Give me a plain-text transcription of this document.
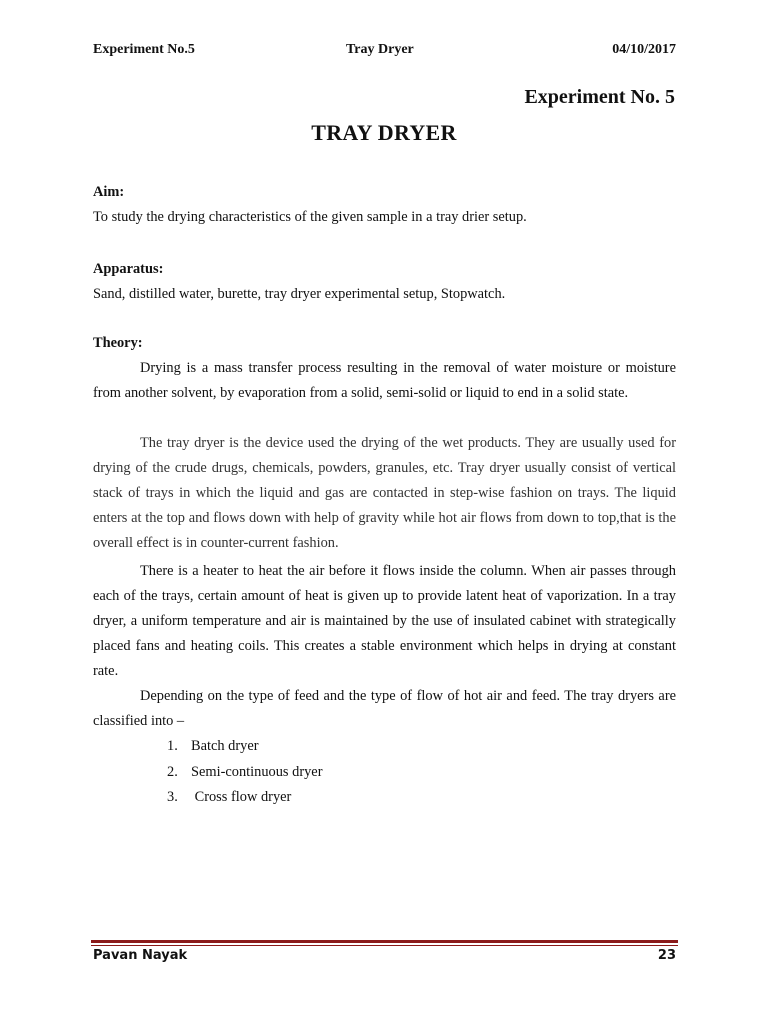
Experiment No.5	Tray Dryer	04/10/2017
Experiment No. 5
TRAY DRYER
Aim:
To study the drying characteristics of the given sample in a tray drier setup.
Apparatus:
Sand, distilled water, burette, tray dryer experimental setup, Stopwatch.
Theory:

Drying is a mass transfer process resulting in the removal of water moisture or moisture from another solvent, by evaporation from a solid, semi-solid or liquid to end in a solid state.

The tray dryer is the device used the drying of the wet products. They are usually used for drying of the crude drugs, chemicals, powders, granules, etc. Tray dryer usually consist of vertical stack of trays in which the liquid and gas are contacted in step-wise fashion on trays. The liquid enters at the top and flows down with help of gravity while hot air flows from down to top,that is the overall effect is in counter-current fashion.

There is a heater to heat the air before it flows inside the column. When air passes through each of the trays, certain amount of heat is given up to provide latent heat of vaporization. In a tray dryer, a uniform temperature and air is maintained by the use of insulated cabinet with strategically placed fans and heating coils. This creates a stable environment which helps in drying at constant rate.

Depending on the type of feed and the type of flow of hot air and feed. The tray dryers are classified into –

1. Batch dryer
2. Semi-continuous dryer
3. Cross flow dryer
Pavan Nayak	23
